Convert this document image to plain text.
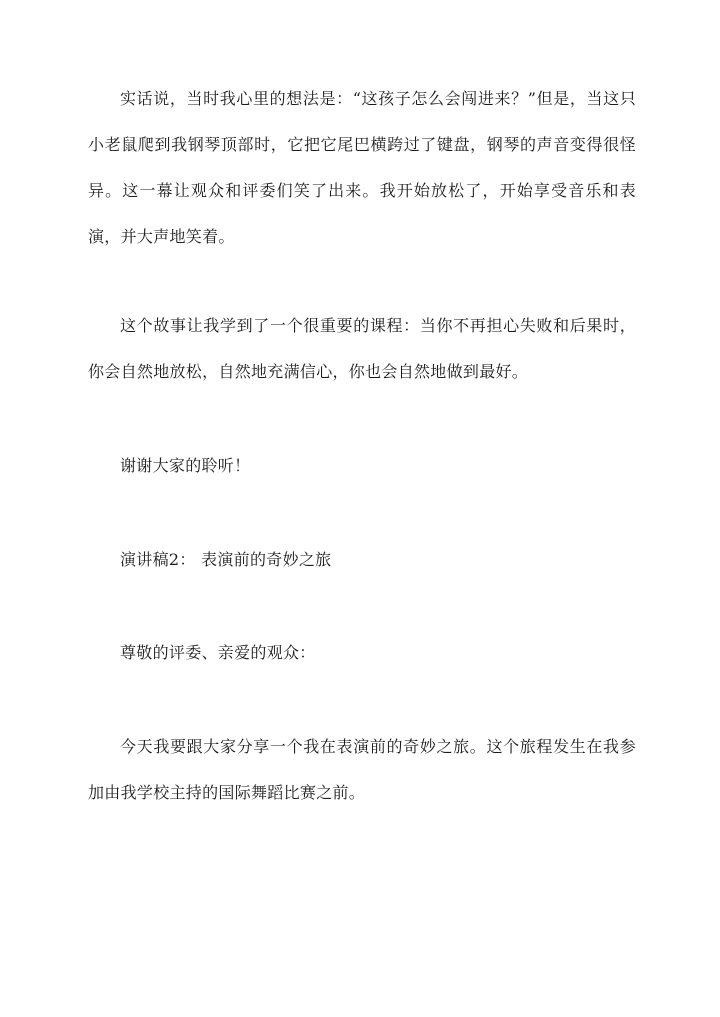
实话说，当时我心里的想法是：“这孩子怎么会闯进来？”但是，当这只小老鼠爬到我钢琴顶部时，它把它尾巴横跨过了键盘，钢琴的声音变得很怪异。这一幕让观众和评委们笑了出来。我开始放松了，开始享受音乐和表演，并大声地笑着。

这个故事让我学到了一个很重要的课程：当你不再担心失败和后果时，你会自然地放松，自然地充满信心，你也会自然地做到最好。

谢谢大家的聆听！

演讲稿2： 表演前的奇妙之旅

尊敬的评委、亲爱的观众：

今天我要跟大家分享一个我在表演前的奇妙之旅。这个旅程发生在我参加由我学校主持的国际舞蹈比赛之前。
